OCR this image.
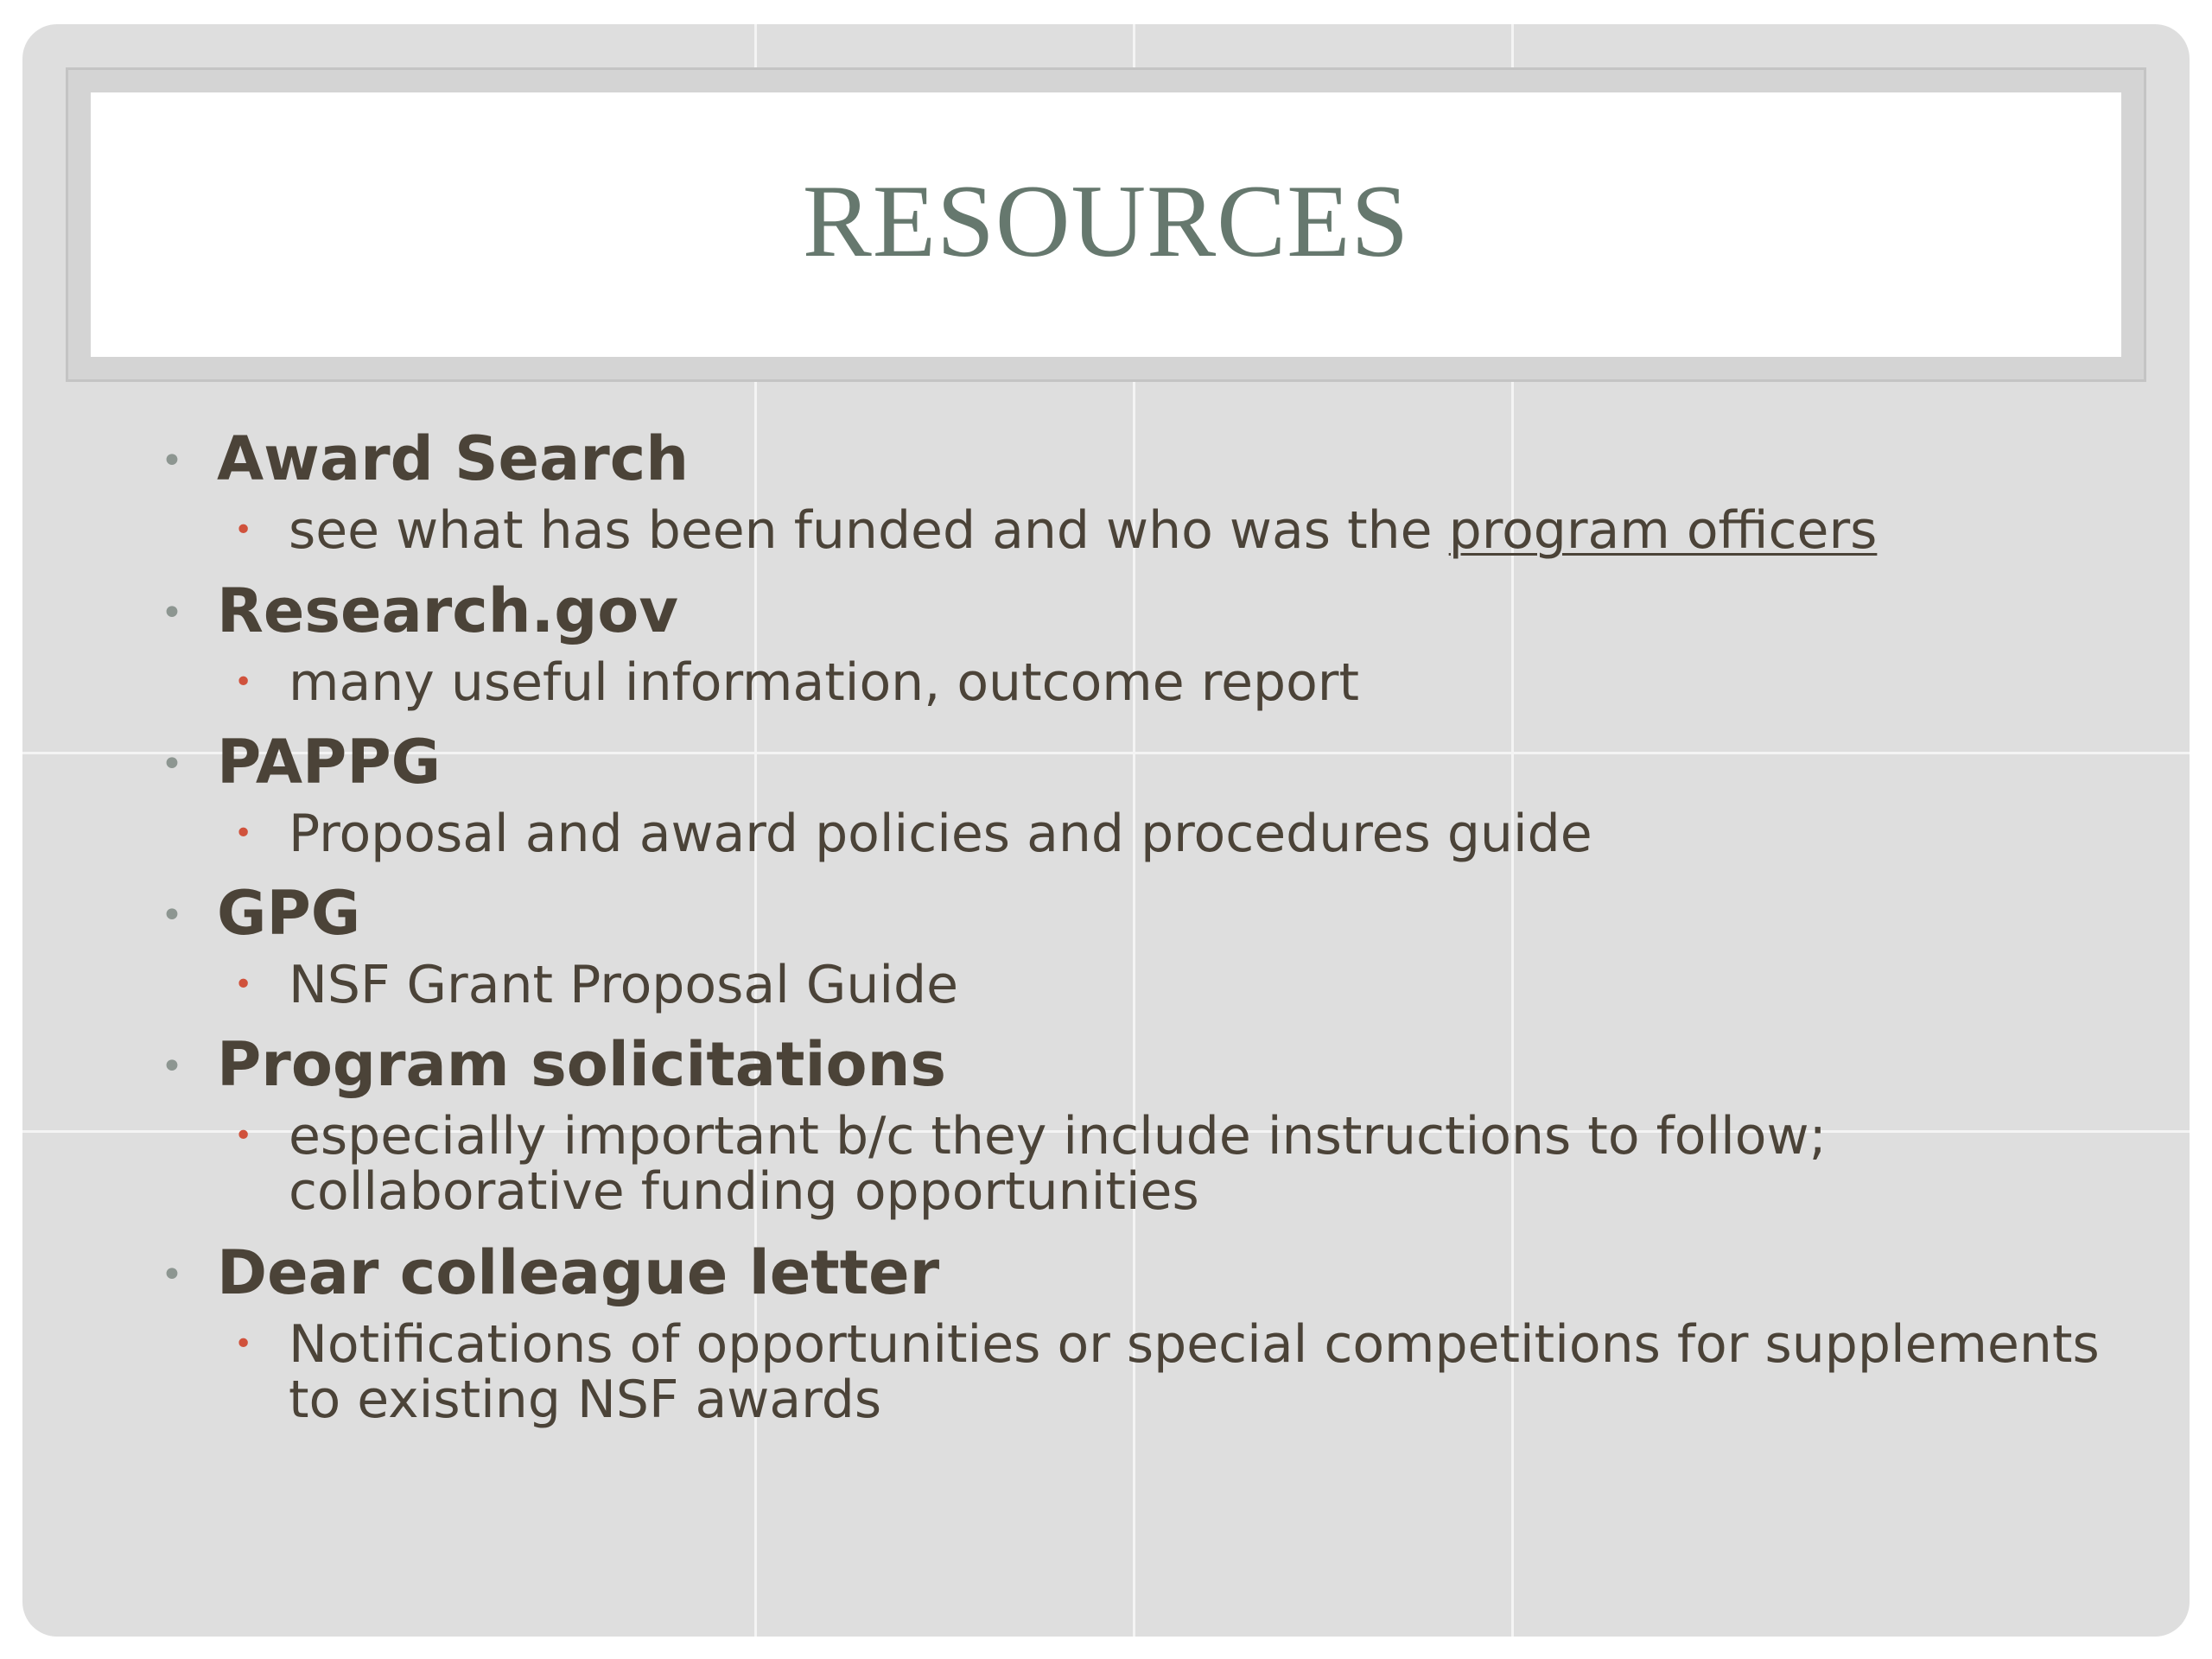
RESOURCES
• Award Search
• see what has been funded and who was the program officers
• Research.gov
• many useful information, outcome report
• PAPPG
• Proposal and award policies and procedures guide
• GPG
• NSF Grant Proposal Guide
• Program solicitations
• especially important b/c they include instructions to follow; collaborative funding opportunities
• Dear colleague letter
• Notifications of opportunities or special competitions for supplements to existing NSF awards
